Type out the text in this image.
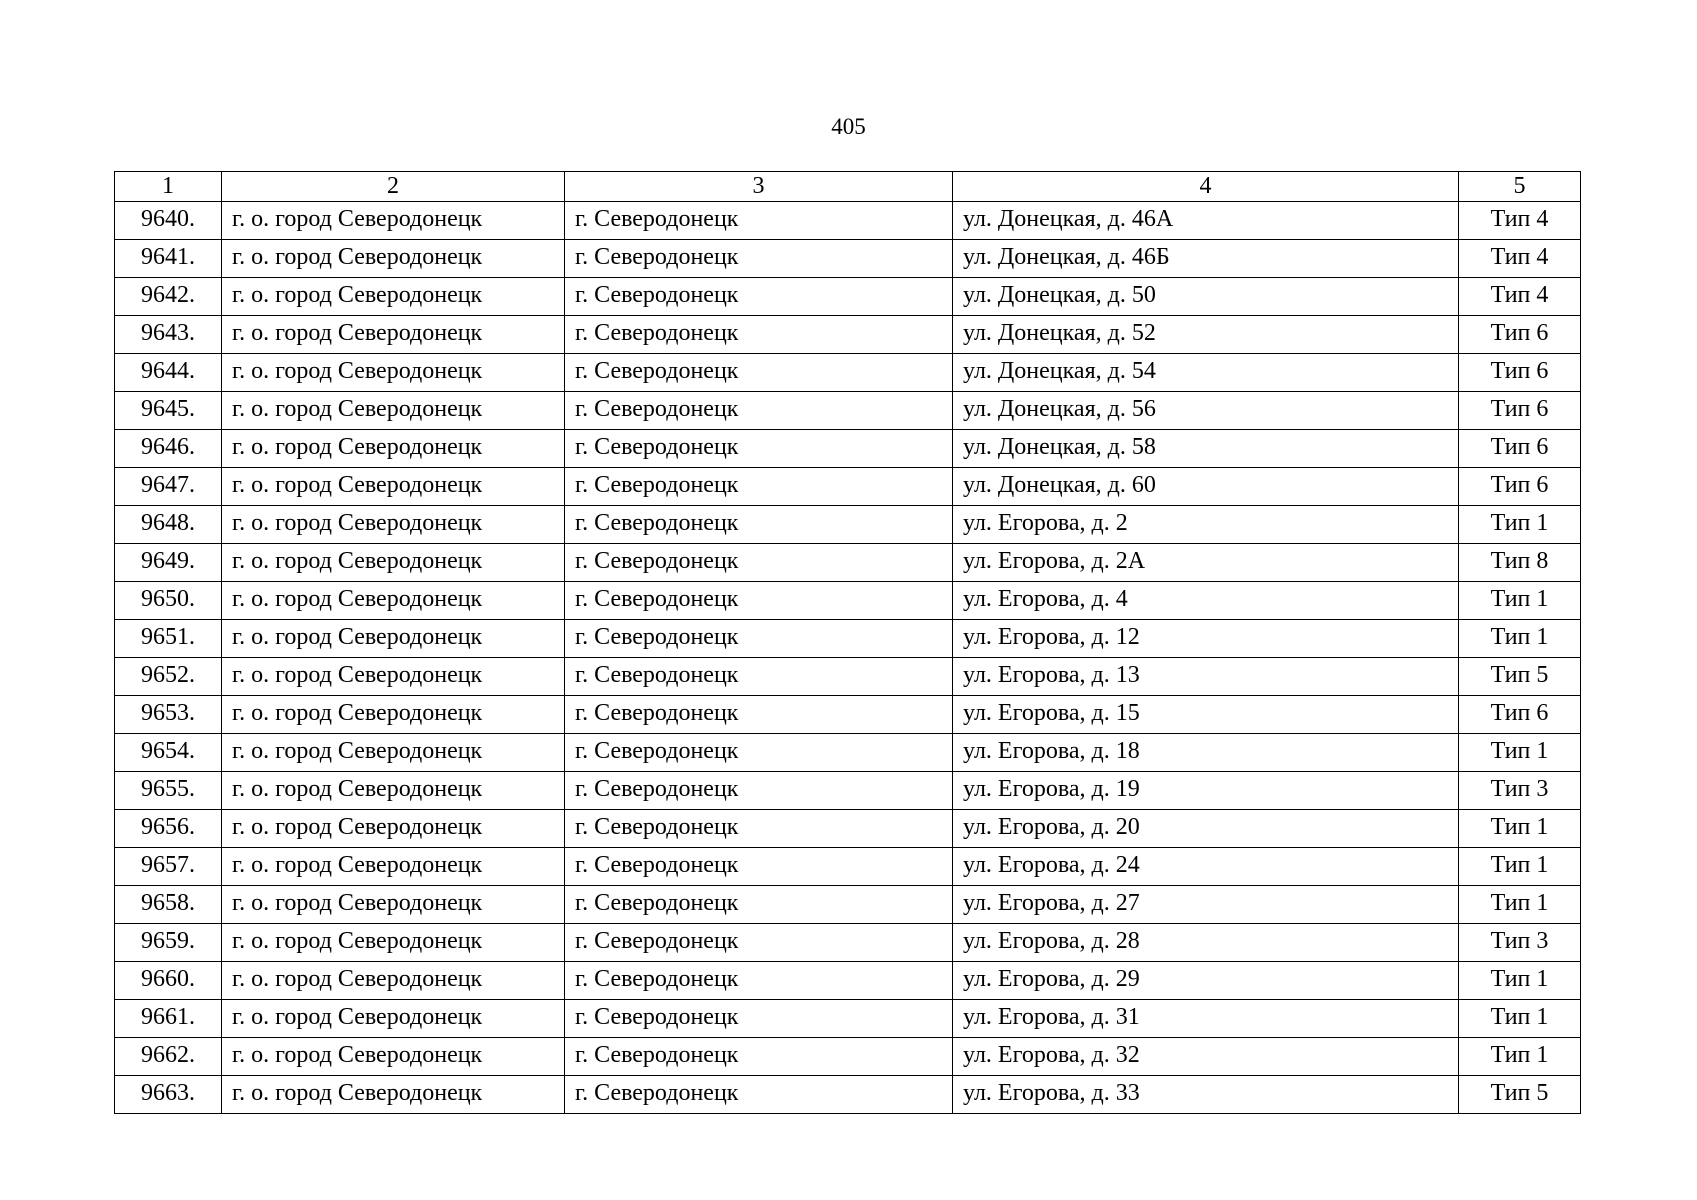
405
1	2	3	4	5
9640.	г. о. город Северодонецк	г. Северодонецк	ул. Донецкая, д. 46А	Тип 4
9641.	г. о. город Северодонецк	г. Северодонецк	ул. Донецкая, д. 46Б	Тип 4
9642.	г. о. город Северодонецк	г. Северодонецк	ул. Донецкая, д. 50	Тип 4
9643.	г. о. город Северодонецк	г. Северодонецк	ул. Донецкая, д. 52	Тип 6
9644.	г. о. город Северодонецк	г. Северодонецк	ул. Донецкая, д. 54	Тип 6
9645.	г. о. город Северодонецк	г. Северодонецк	ул. Донецкая, д. 56	Тип 6
9646.	г. о. город Северодонецк	г. Северодонецк	ул. Донецкая, д. 58	Тип 6
9647.	г. о. город Северодонецк	г. Северодонецк	ул. Донецкая, д. 60	Тип 6
9648.	г. о. город Северодонецк	г. Северодонецк	ул. Егорова, д. 2	Тип 1
9649.	г. о. город Северодонецк	г. Северодонецк	ул. Егорова, д. 2А	Тип 8
9650.	г. о. город Северодонецк	г. Северодонецк	ул. Егорова, д. 4	Тип 1
9651.	г. о. город Северодонецк	г. Северодонецк	ул. Егорова, д. 12	Тип 1
9652.	г. о. город Северодонецк	г. Северодонецк	ул. Егорова, д. 13	Тип 5
9653.	г. о. город Северодонецк	г. Северодонецк	ул. Егорова, д. 15	Тип 6
9654.	г. о. город Северодонецк	г. Северодонецк	ул. Егорова, д. 18	Тип 1
9655.	г. о. город Северодонецк	г. Северодонецк	ул. Егорова, д. 19	Тип 3
9656.	г. о. город Северодонецк	г. Северодонецк	ул. Егорова, д. 20	Тип 1
9657.	г. о. город Северодонецк	г. Северодонецк	ул. Егорова, д. 24	Тип 1
9658.	г. о. город Северодонецк	г. Северодонецк	ул. Егорова, д. 27	Тип 1
9659.	г. о. город Северодонецк	г. Северодонецк	ул. Егорова, д. 28	Тип 3
9660.	г. о. город Северодонецк	г. Северодонецк	ул. Егорова, д. 29	Тип 1
9661.	г. о. город Северодонецк	г. Северодонецк	ул. Егорова, д. 31	Тип 1
9662.	г. о. город Северодонецк	г. Северодонецк	ул. Егорова, д. 32	Тип 1
9663.	г. о. город Северодонецк	г. Северодонецк	ул. Егорова, д. 33	Тип 5
